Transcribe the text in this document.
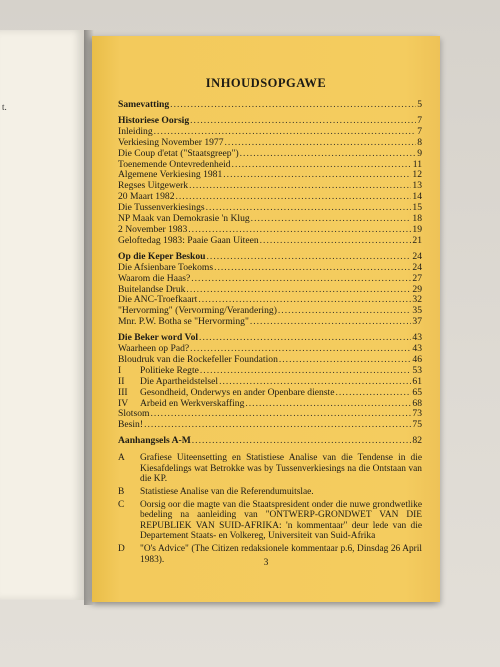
t.
INHOUDSOPGAWE
Samevatting .....	5
Historiese Oorsig .....	7
Inleiding .....	7
Verkiesing November 1977 .....	8
Die Coup d'etat ("Staatsgreep") .....	9
Toenemende Ontevredenheid .....	11
Algemene Verkiesing 1981 .....	12
Regses Uitgewerk .....	13
20 Maart 1982 .....	14
Die Tussenverkiesings .....	15
NP Maak van Demokrasie 'n Klug .....	18
2 November 1983 .....	19
Geloftedag 1983: Paaie Gaan Uiteen .....	21
Op die Keper Beskou .....	24
Die Afsienbare Toekoms .....	24
Waarom die Haas? .....	27
Buitelandse Druk .....	29
Die ANC-Troefkaart .....	32
"Hervorming" (Vervorming/Verandering) .....	35
Mnr. P.W. Botha se "Hervorming" .....	37
Die Beker word Vol .....	43
Waarheen op Pad? .....	43
Bloudruk van die Rockefeller Foundation .....	46
I Politieke Regte .....	53
II Die Apartheidstelsel .....	61
III Gesondheid, Onderwys en ander Openbare dienste .....	65
IV Arbeid en Werkverskaffing .....	68
Slotsom .....	73
Besin! .....	75
Aanhangsels A-M .....	82
A	Grafiese Uiteensetting en Statistiese Analise van die Tendense in die Kiesafdelings wat Betrokke was by Tussenverkiesings na die Ontstaan van die KP.
B	Statistiese Analise van die Referendumuitslae.
C	Oorsig oor die magte van die Staatspresident onder die nuwe grondwetlike bedeling na aanleiding van "ONTWERP-GRONDWET VAN DIE REPUBLIEK VAN SUID-AFRIKA: 'n kommentaar" deur lede van die Departement Staats- en Volkereg, Universiteit van Suid-Afrika
D	"O's Advice" (The Citizen redaksionele kommentaar p.6, Dinsdag 26 April 1983).	3
